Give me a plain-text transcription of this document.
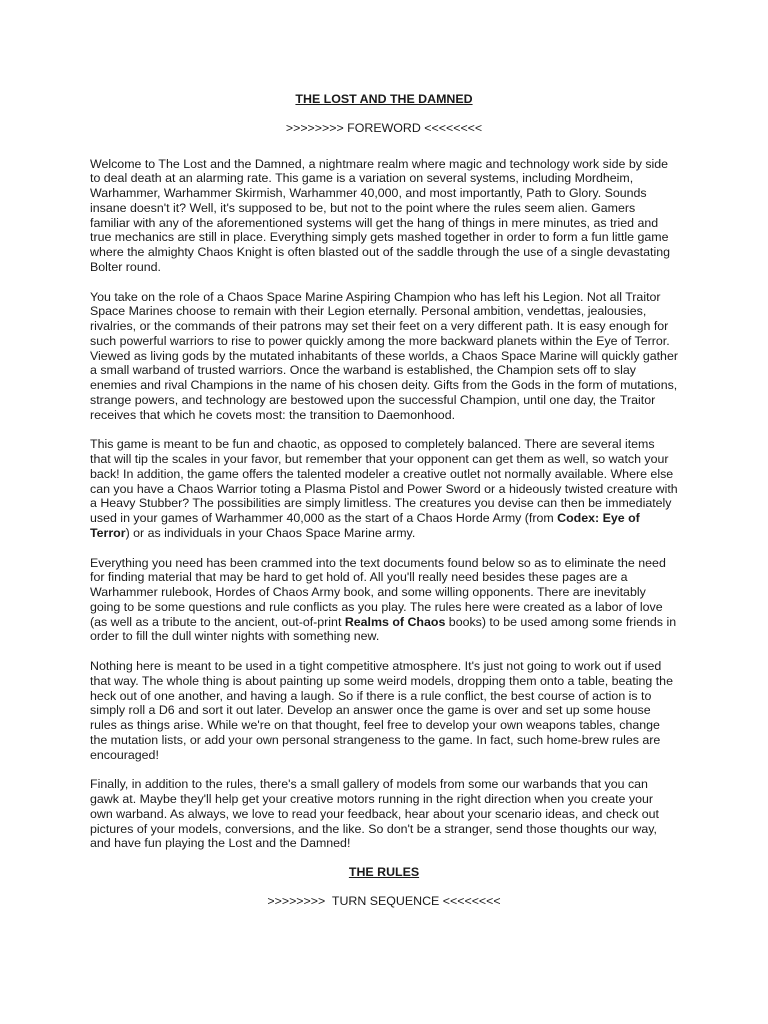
THE LOST AND THE DAMNED

>>>>>>>> FOREWORD <<<<<<<<

Welcome to The Lost and the Damned, a nightmare realm where magic and technology work side by side to deal death at an alarming rate. This game is a variation on several systems, including Mordheim, Warhammer, Warhammer Skirmish, Warhammer 40,000, and most importantly, Path to Glory. Sounds insane doesn't it? Well, it's supposed to be, but not to the point where the rules seem alien. Gamers familiar with any of the aforementioned systems will get the hang of things in mere minutes, as tried and true mechanics are still in place. Everything simply gets mashed together in order to form a fun little game where the almighty Chaos Knight is often blasted out of the saddle through the use of a single devastating Bolter round.

You take on the role of a Chaos Space Marine Aspiring Champion who has left his Legion. Not all Traitor Space Marines choose to remain with their Legion eternally. Personal ambition, vendettas, jealousies, rivalries, or the commands of their patrons may set their feet on a very different path. It is easy enough for such powerful warriors to rise to power quickly among the more backward planets within the Eye of Terror. Viewed as living gods by the mutated inhabitants of these worlds, a Chaos Space Marine will quickly gather a small warband of trusted warriors. Once the warband is established, the Champion sets off to slay enemies and rival Champions in the name of his chosen deity. Gifts from the Gods in the form of mutations, strange powers, and technology are bestowed upon the successful Champion, until one day, the Traitor receives that which he covets most: the transition to Daemonhood.

This game is meant to be fun and chaotic, as opposed to completely balanced. There are several items that will tip the scales in your favor, but remember that your opponent can get them as well, so watch your back! In addition, the game offers the talented modeler a creative outlet not normally available. Where else can you have a Chaos Warrior toting a Plasma Pistol and Power Sword or a hideously twisted creature with a Heavy Stubber? The possibilities are simply limitless. The creatures you devise can then be immediately used in your games of Warhammer 40,000 as the start of a Chaos Horde Army (from Codex: Eye of Terror) or as individuals in your Chaos Space Marine army.

Everything you need has been crammed into the text documents found below so as to eliminate the need for finding material that may be hard to get hold of. All you'll really need besides these pages are a Warhammer rulebook, Hordes of Chaos Army book, and some willing opponents. There are inevitably going to be some questions and rule conflicts as you play. The rules here were created as a labor of love (as well as a tribute to the ancient, out-of-print Realms of Chaos books) to be used among some friends in order to fill the dull winter nights with something new.

Nothing here is meant to be used in a tight competitive atmosphere. It's just not going to work out if used that way. The whole thing is about painting up some weird models, dropping them onto a table, beating the heck out of one another, and having a laugh. So if there is a rule conflict, the best course of action is to simply roll a D6 and sort it out later. Develop an answer once the game is over and set up some house rules as things arise. While we're on that thought, feel free to develop your own weapons tables, change the mutation lists, or add your own personal strangeness to the game. In fact, such home-brew rules are encouraged!

Finally, in addition to the rules, there's a small gallery of models from some our warbands that you can gawk at. Maybe they'll help get your creative motors running in the right direction when you create your own warband. As always, we love to read your feedback, hear about your scenario ideas, and check out pictures of your models, conversions, and the like. So don't be a stranger, send those thoughts our way, and have fun playing the Lost and the Damned!

THE RULES

>>>>>>>>  TURN SEQUENCE <<<<<<<<
